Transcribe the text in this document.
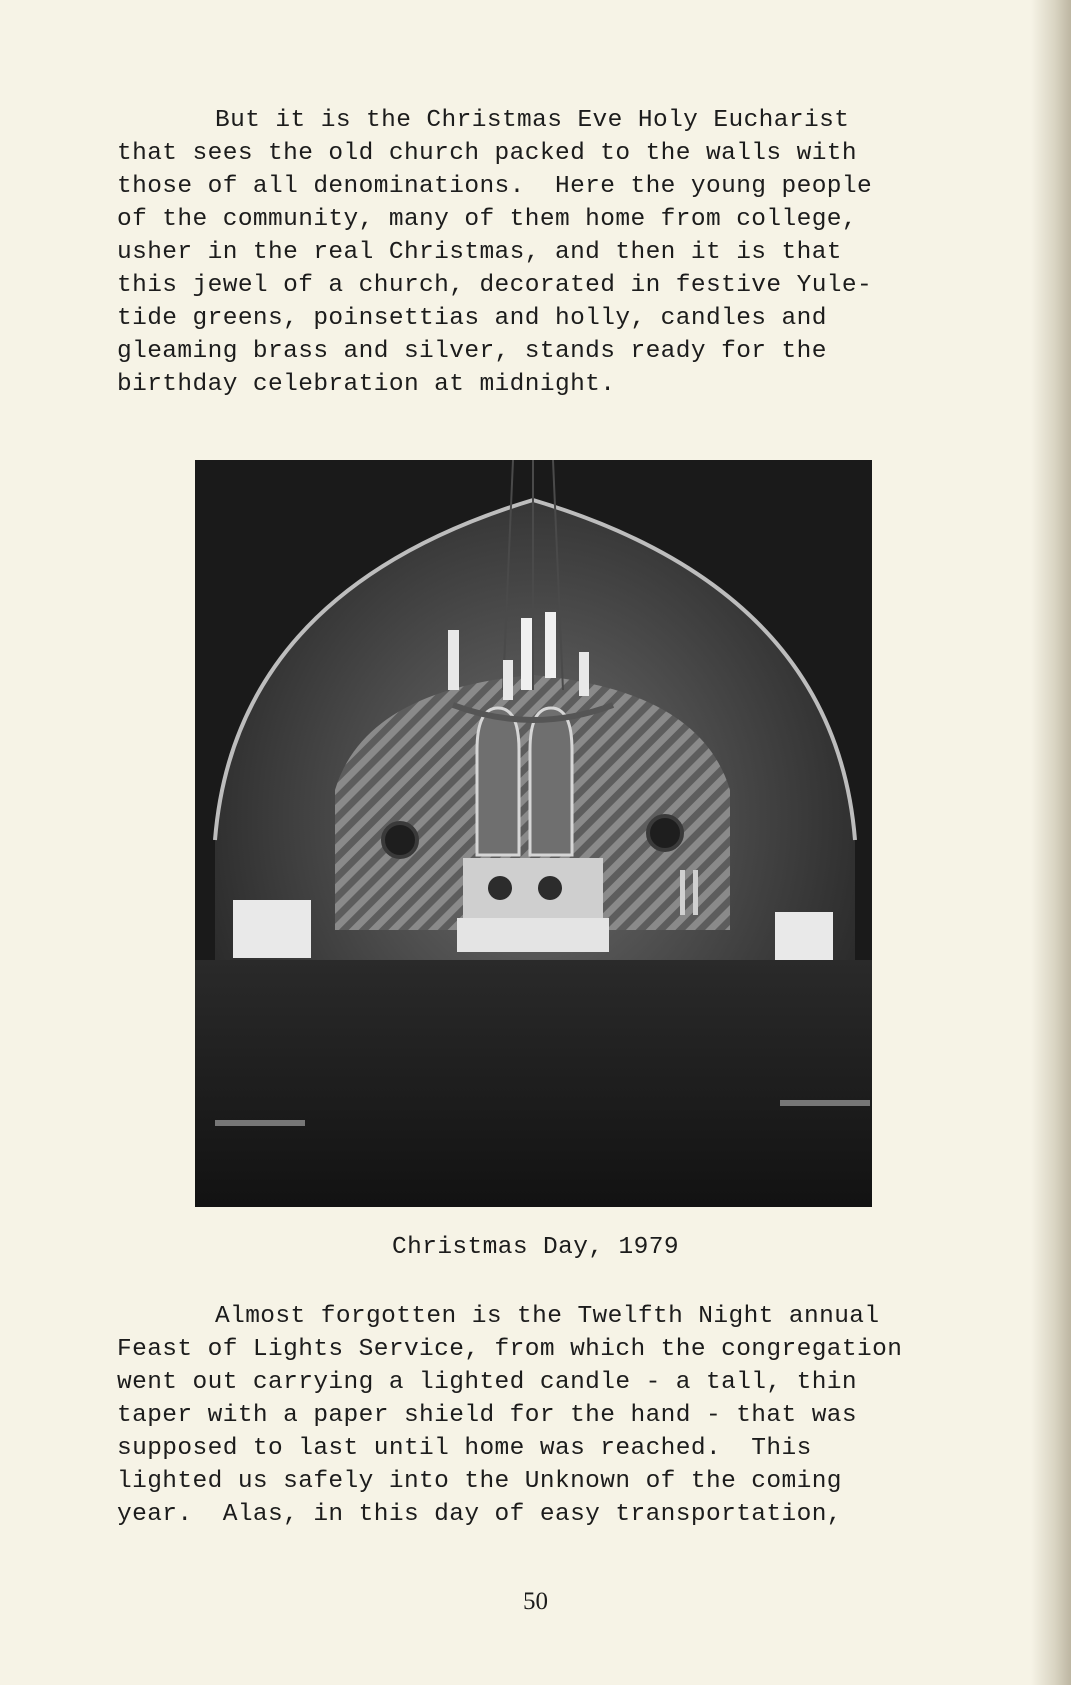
But it is the Christmas Eve Holy Eucharist
that sees the old church packed to the walls with
those of all denominations.  Here the young people
of the community, many of them home from college,
usher in the real Christmas, and then it is that
this jewel of a church, decorated in festive Yule-
tide greens, poinsettias and holly, candles and
gleaming brass and silver, stands ready for the
birthday celebration at midnight.

Christmas Day, 1979

Almost forgotten is the Twelfth Night annual
Feast of Lights Service, from which the congregation
went out carrying a lighted candle - a tall, thin
taper with a paper shield for the hand - that was
supposed to last until home was reached.  This
lighted us safely into the Unknown of the coming
year.  Alas, in this day of easy transportation,

50
